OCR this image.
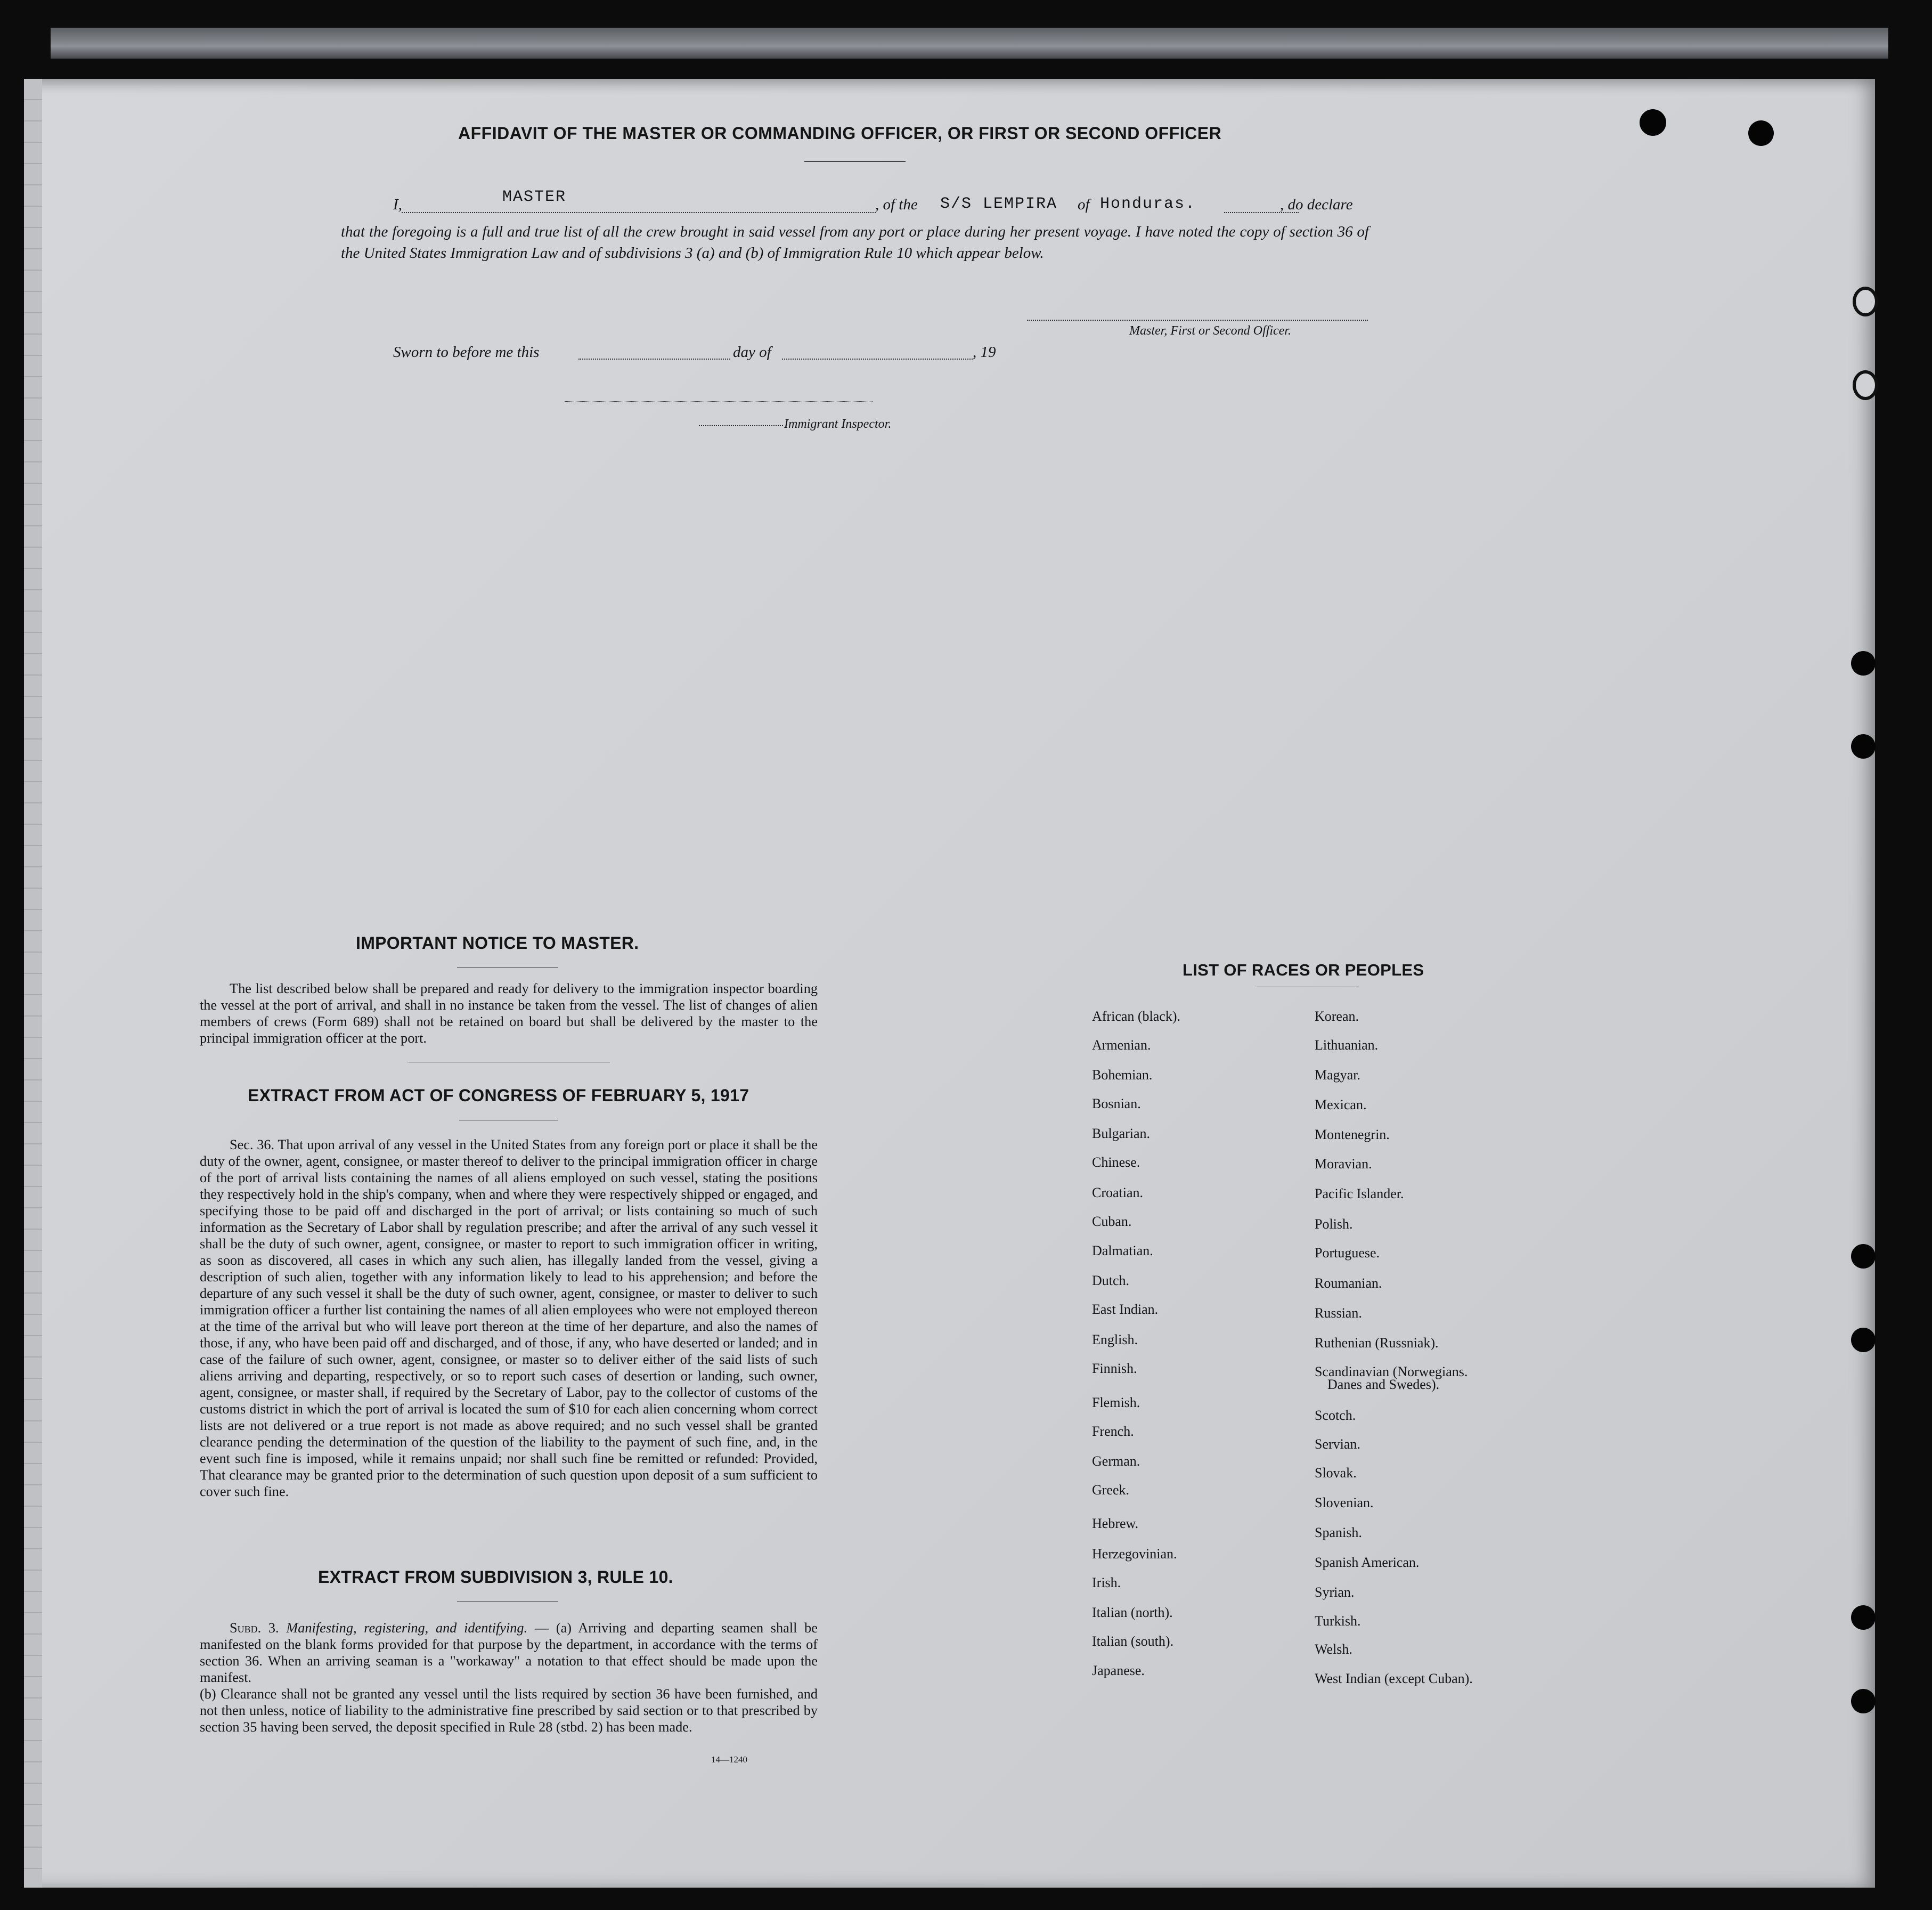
AFFIDAVIT OF THE MASTER OR COMMANDING OFFICER, OR FIRST OR SECOND OFFICER
I,	MASTER	, of the S/S LEMPIRA of Honduras.	, do declare

that the foregoing is a full and true list of all the crew brought in said vessel from any port or place during her present voyage. I have noted the copy of section 36 of the United States Immigration Law and of subdivisions 3 (a) and (b) of Immigration Rule 10 which appear below.

Master, First or Second Officer.
Sworn to before me this	day of	, 19
Immigrant Inspector.
IMPORTANT NOTICE TO MASTER.

The list described below shall be prepared and ready for delivery to the immigration inspector boarding the vessel at the port of arrival, and shall in no instance be taken from the vessel. The list of changes of alien members of crews (Form 689) shall not be retained on board but shall be delivered by the master to the principal immigration officer at the port.

EXTRACT FROM ACT OF CONGRESS OF FEBRUARY 5, 1917

Sec. 36. That upon arrival of any vessel in the United States from any foreign port or place it shall be the duty of the owner, agent, consignee, or master thereof to deliver to the principal immigration officer in charge of the port of arrival lists containing the names of all aliens employed on such vessel, stating the positions they respectively hold in the ship's company, when and where they were respectively shipped or engaged, and specifying those to be paid off and discharged in the port of arrival; or lists containing so much of such information as the Secretary of Labor shall by regulation prescribe; and after the arrival of any such vessel it shall be the duty of such owner, agent, consignee, or master to report to such immigration officer in writing, as soon as discovered, all cases in which any such alien, has illegally landed from the vessel, giving a description of such alien, together with any information likely to lead to his apprehension; and before the departure of any such vessel it shall be the duty of such owner, agent, consignee, or master to deliver to such immigration officer a further list containing the names of all alien employees who were not employed thereon at the time of the arrival but who will leave port thereon at the time of her departure, and also the names of those, if any, who have been paid off and discharged, and of those, if any, who have deserted or landed; and in case of the failure of such owner, agent, consignee, or master so to deliver either of the said lists of such aliens arriving and departing, respectively, or so to report such cases of desertion or landing, such owner, agent, consignee, or master shall, if required by the Secretary of Labor, pay to the collector of customs of the customs district in which the port of arrival is located the sum of $10 for each alien concerning whom correct lists are not delivered or a true report is not made as above required; and no such vessel shall be granted clearance pending the determination of the question of the liability to the payment of such fine, and, in the event such fine is imposed, while it remains unpaid; nor shall such fine be remitted or refunded: Provided, That clearance may be granted prior to the determination of such question upon deposit of a sum sufficient to cover such fine.

EXTRACT FROM SUBDIVISION 3, RULE 10.

Subd. 3. Manifesting, registering, and identifying. — (a) Arriving and departing seamen shall be manifested on the blank forms provided for that purpose by the department, in accordance with the terms of section 36. When an arriving seaman is a "workaway" a notation to that effect should be made upon the manifest.

(b) Clearance shall not be granted any vessel until the lists required by section 36 have been furnished, and not then unless, notice of liability to the administrative fine prescribed by said section or to that prescribed by section 35 having been served, the deposit specified in Rule 28 (stbd. 2) has been made.

14—1240
LIST OF RACES OR PEOPLES
African (black).
Armenian.
Bohemian.
Bosnian.
Bulgarian.
Chinese.
Croatian.
Cuban.
Dalmatian.
Dutch.
East Indian.
English.
Finnish.
Flemish.
French.
German.
Greek.
Hebrew.
Herzegovinian.
Irish.
Italian (north).
Italian (south).
Japanese.
Korean.
Lithuanian.
Magyar.
Mexican.
Montenegrin.
Moravian.
Pacific Islander.
Polish.
Portuguese.
Roumanian.
Russian.
Ruthenian (Russniak).
Scandinavian (Norwegians.
Danes and Swedes).
Scotch.
Servian.
Slovak.
Slovenian.
Spanish.
Spanish American.
Syrian.
Turkish.
Welsh.
West Indian (except Cuban).
